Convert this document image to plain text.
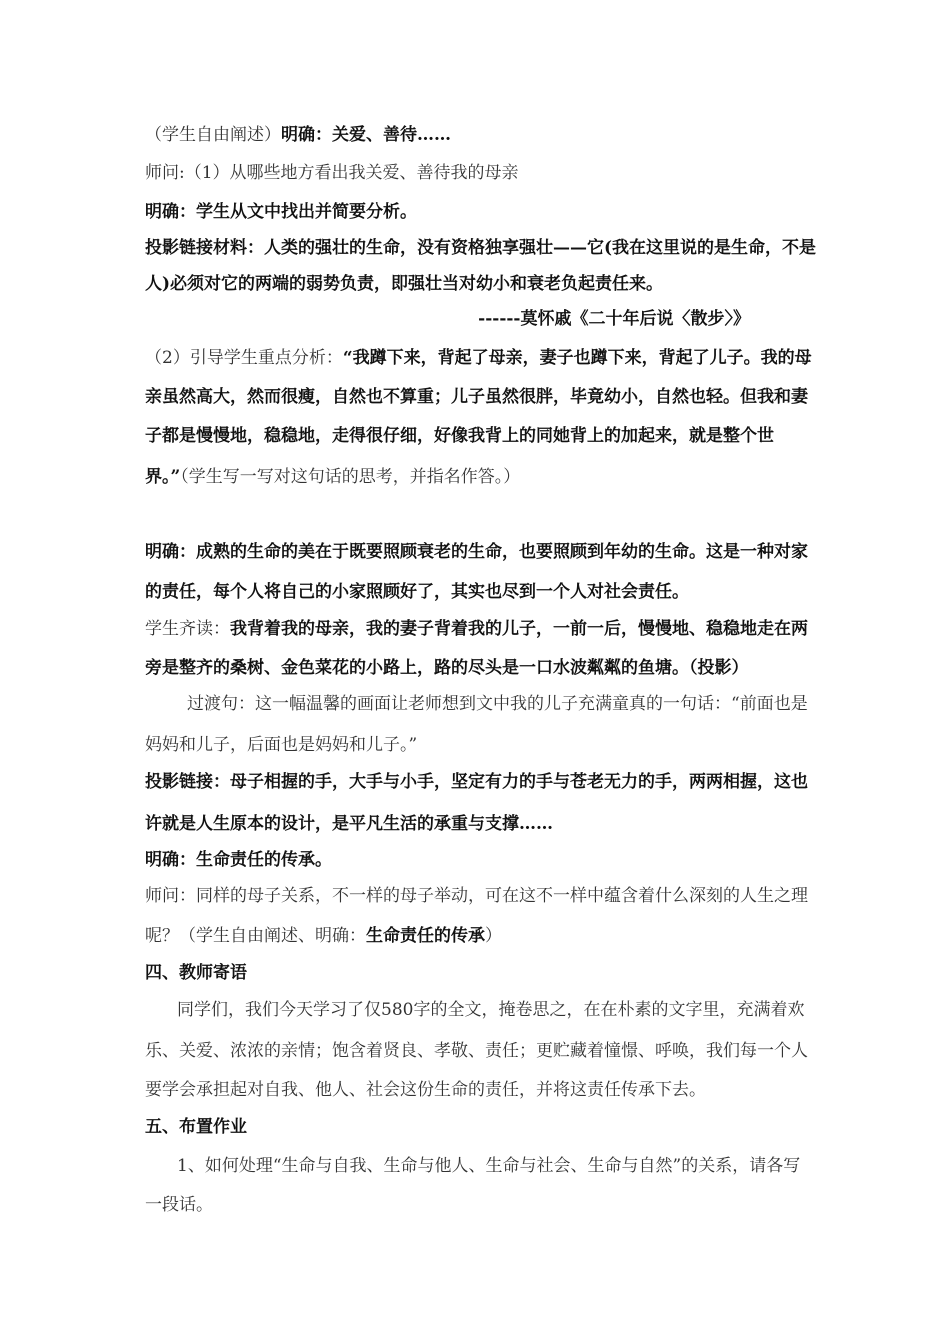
（学生自由阐述）明确：关爱、善待……
师问:（1）从哪些地方看出我关爱、善待我的母亲
明确：学生从文中找出并简要分析。
投影链接材料：人类的强壮的生命，没有资格独享强壮——它(我在这里说的是生命，不是
人)必须对它的两端的弱势负责，即强壮当对幼小和衰老负起责任来。
------莫怀戚《二十年后说〈散步〉》
（2）引导学生重点分析：“我蹲下来，背起了母亲，妻子也蹲下来，背起了儿子。我的母
亲虽然高大，然而很瘦，自然也不算重；儿子虽然很胖，毕竟幼小，自然也轻。但我和妻
子都是慢慢地，稳稳地，走得很仔细，好像我背上的同她背上的加起来，就是整个世
界。”（学生写一写对这句话的思考，并指名作答。）
明确：成熟的生命的美在于既要照顾衰老的生命，也要照顾到年幼的生命。这是一种对家
的责任，每个人将自己的小家照顾好了，其实也尽到一个人对社会责任。
学生齐读：我背着我的母亲，我的妻子背着我的儿子，一前一后，慢慢地、稳稳地走在两
旁是整齐的桑树、金色菜花的小路上，路的尽头是一口水波粼粼的鱼塘。（投影）
过渡句：这一幅温馨的画面让老师想到文中我的儿子充满童真的一句话：“前面也是
妈妈和儿子，后面也是妈妈和儿子。”
投影链接：母子相握的手，大手与小手，坚定有力的手与苍老无力的手，两两相握，这也
许就是人生原本的设计，是平凡生活的承重与支撑……
明确：生命责任的传承。
师问：同样的母子关系，不一样的母子举动，可在这不一样中蕴含着什么深刻的人生之理
呢？（学生自由阐述、明确：生命责任的传承）
四、教师寄语
同学们，我们今天学习了仅580字的全文，掩卷思之，在在朴素的文字里，充满着欢
乐、关爱、浓浓的亲情；饱含着贤良、孝敬、责任；更贮藏着憧憬、呼唤，我们每一个人
要学会承担起对自我、他人、社会这份生命的责任，并将这责任传承下去。
五、布置作业
1、如何处理“生命与自我、生命与他人、生命与社会、生命与自然”的关系，请各写
一段话。
